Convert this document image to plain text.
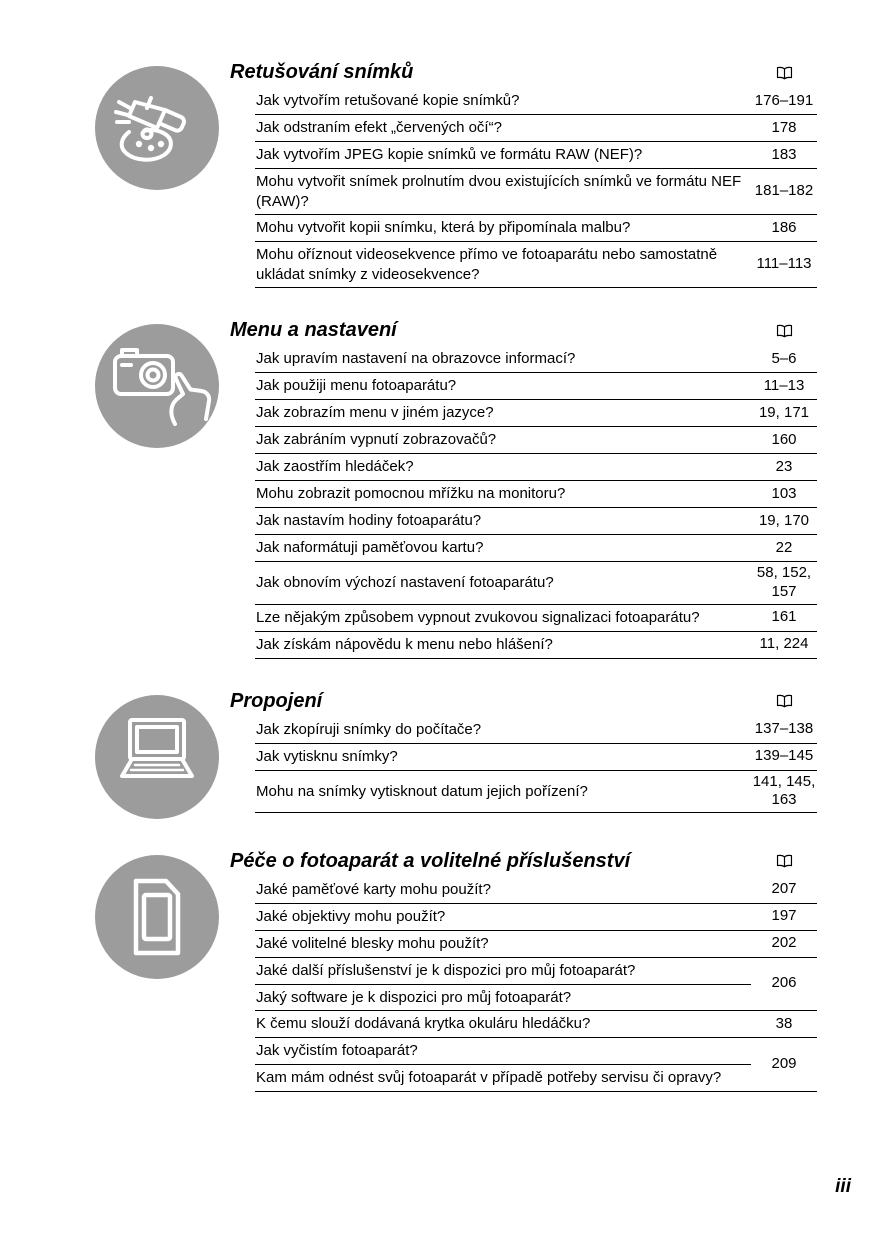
Retušování snímků
Jak vytvořím retušované kopie snímků?	176–191
Jak odstraním efekt „červených očí“?	178
Jak vytvořím JPEG kopie snímků ve formátu RAW (NEF)?	183
Mohu vytvořit snímek prolnutím dvou existujících snímků ve formátu NEF (RAW)?
181–182
Mohu vytvořit kopii snímku, která by připomínala malbu?	186
Mohu oříznout videosekvence přímo ve fotoaparátu nebo samostatně ukládat snímky z videosekvence?
111–113
Menu a nastavení
Jak upravím nastavení na obrazovce informací?	5–6
Jak použiji menu fotoaparátu?	11–13
Jak zobrazím menu v jiném jazyce?	19, 171
Jak zabráním vypnutí zobrazovačů?	160
Jak zaostřím hledáček?	23
Mohu zobrazit pomocnou mřížku na monitoru?	103
Jak nastavím hodiny fotoaparátu?	19, 170
Jak naformátuji paměťovou kartu?	22
Jak obnovím výchozí nastavení fotoaparátu?
58, 152, 157
Lze nějakým způsobem vypnout zvukovou signalizaci fotoaparátu?	161
Jak získám nápovědu k menu nebo hlášení?	11, 224
Propojení
Jak zkopíruji snímky do počítače?	137–138
Jak vytisknu snímky?	139–145
Mohu na snímky vytisknout datum jejich pořízení?
141, 145, 163
Péče o fotoaparát a volitelné příslušenství
Jaké paměťové karty mohu použít?	207
Jaké objektivy mohu použít?	197
Jaké volitelné blesky mohu použít?	202
Jaké další příslušenství je k dispozici pro můj fotoaparát?
Jaký software je k dispozici pro můj fotoaparát?
206
K čemu slouží dodávaná krytka okuláru hledáčku?	38
Jak vyčistím fotoaparát?
Kam mám odnést svůj fotoaparát v případě potřeby servisu či opravy?
209
iii
